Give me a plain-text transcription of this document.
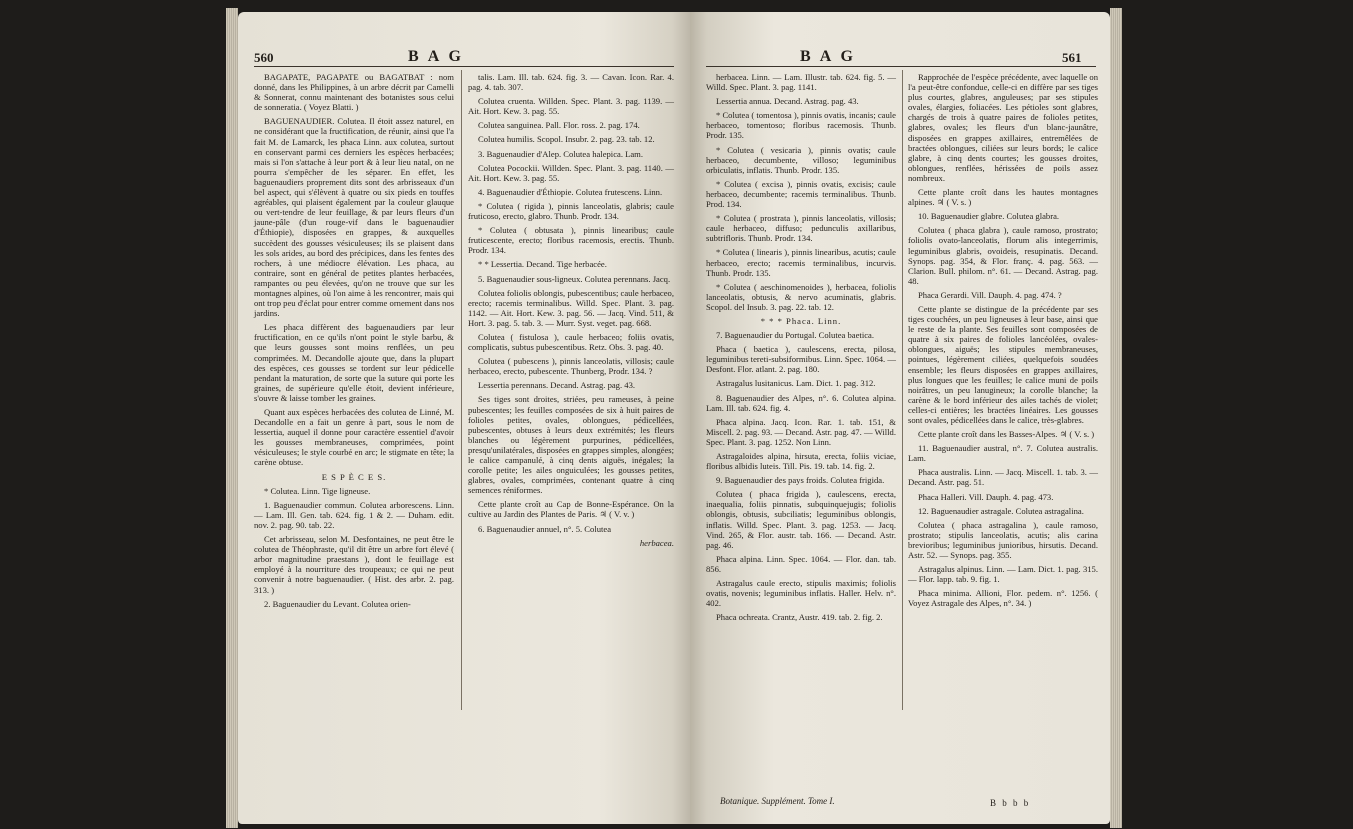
560	B A G

BAGAPATE, PAGAPATE ou BAGATBAT : nom donné, dans les Philippines, à un arbre décrit par Camelli & Sonnerat, connu maintenant des botanistes sous celui de sonneratia. ( Voyez Blatti. )

BAGUENAUDIER. Colutea. Il étoit assez naturel, en ne considérant que la fructification, de réunir, ainsi que l'a fait M. de Lamarck, les phaca Linn. aux colutea, surtout en conservant parmi ces derniers les espèces herbacées; mais si l'on s'attache à leur port & à leur lieu natal, on ne pourra s'empêcher de les séparer. En effet, les baguenaudiers proprement dits sont des arbrisseaux d'un bel aspect, qui s'élèvent à quatre ou six pieds en touffes agréables, qui plaisent également par la couleur glauque ou vert-tendre de leur feuillage, & par leurs fleurs d'un jaune-pâle (d'un rouge-vif dans le baguenaudier d'Éthiopie), disposées en grappes, & auxquelles succèdent des gousses vésiculeuses; ils se plaisent dans les sols arides, au bord des précipices, dans les fentes des rochers, à une médiocre élévation. Les phaca, au contraire, sont en général de petites plantes herbacées, rampantes ou peu élevées, qu'on ne trouve que sur les montagnes alpines, où l'on aime à les rencontrer, mais qui ont trop peu d'éclat pour entrer comme ornement dans nos jardins.

Les phaca diffèrent des baguenaudiers par leur fructification, en ce qu'ils n'ont point le style barbu, & que leurs gousses sont moins renflées, un peu comprimées. M. Decandolle ajoute que, dans la plupart des espèces, ces gousses se tordent sur leur pédicelle pendant la maturation, de sorte que la suture qui porte les graines, de supérieure qu'elle étoit, devient inférieure, s'ouvre & laisse tomber les graines.

Quant aux espèces herbacées des colutea de Linné, M. Decandolle en a fait un genre à part, sous le nom de lessertia, auquel il donne pour caractère essentiel d'avoir les gousses membraneuses, comprimées, point vésiculeuses; le style courbé en arc; le stigmate en tête; la carène obtuse.

E S P È C E S.

* Colutea. Linn. Tige ligneuse.

1. Baguenaudier commun. Colutea arborescens. Linn. — Lam. Ill. Gen. tab. 624. fig. 1 & 2. — Duham. edit. nov. 2. pag. 90. tab. 22.

Cet arbrisseau, selon M. Desfontaines, ne peut être le colutea de Théophraste, qu'il dit être un arbre fort élevé ( arbor magnitudine praestans ), dont le feuillage est employé à la nourriture des troupeaux; ce qui ne peut convenir à notre baguenaudier. ( Hist. des arbr. 2. pag. 313. )

2. Baguenaudier du Levant. Colutea orien-

talis. Lam. Ill. tab. 624. fig. 3. — Cavan. Icon. Rar. 4. pag. 4. tab. 307.

Colutea cruenta. Willden. Spec. Plant. 3. pag. 1139. — Ait. Hort. Kew. 3. pag. 55.

Colutea sanguinea. Pall. Flor. ross. 2. pag. 174.

Colutea humilis. Scopol. Insubr. 2. pag. 23. tab. 12.

3. Baguenaudier d'Alep. Colutea halepica. Lam.

Colutea Pocockii. Willden. Spec. Plant. 3. pag. 1140. — Ait. Hort. Kew. 3. pag. 55.

4. Baguenaudier d'Éthiopie. Colutea frutescens. Linn.

* Colutea ( rigida ), pinnis lanceolatis, glabris; caule fruticoso, erecto, glabro. Thunb. Prodr. 134.

* Colutea ( obtusata ), pinnis linearibus; caule fruticescente, erecto; floribus racemosis, erectis. Thunb. Prodr. 134.

* * Lessertia. Decand. Tige herbacée.

5. Baguenaudier sous-ligneux. Colutea perennans. Jacq.

Colutea foliolis oblongis, pubescentibus; caule herbaceo, erecto; racemis terminalibus. Willd. Spec. Plant. 3. pag. 1142. — Ait. Hort. Kew. 3. pag. 56. — Jacq. Vind. 511, & Hort. 3. pag. 5. tab. 3. — Murr. Syst. veget. pag. 668.

Colutea ( fistulosa ), caule herbaceo; foliis ovatis, complicatis, subtus pubescentibus. Retz. Obs. 3. pag. 40.

Colutea ( pubescens ), pinnis lanceolatis, villosis; caule herbaceo, erecto, pubescente. Thunberg, Prodr. 134. ?

Lessertia perennans. Decand. Astrag. pag. 43.

Ses tiges sont droites, striées, peu rameuses, à peine pubescentes; les feuilles composées de six à huit paires de folioles petites, ovales, oblongues, pédicellées, pubescentes, obtuses à leurs deux extrémités; les fleurs blanches ou légèrement purpurines, pédicellées, presqu'unilatérales, disposées en grappes simples, alongées; le calice campanulé, à cinq dents aiguës, inégales; la corolle petite; les ailes onguiculées; les gousses petites, glabres, ovales, comprimées, contenant quatre à cinq semences réniformes.

Cette plante croît au Cap de Bonne-Espérance. On la cultive au Jardin des Plantes de Paris. ♃ ( V. v. )

6. Baguenaudier annuel, n°. 5. Colutea

herbacea.
B A G	561

herbacea. Linn. — Lam. Illustr. tab. 624. fig. 5. — Willd. Spec. Plant. 3. pag. 1141.

Lessertia annua. Decand. Astrag. pag. 43.

* Colutea ( tomentosa ), pinnis ovatis, incanis; caule herbaceo, tomentoso; floribus racemosis. Thunb. Prodr. 135.

* Colutea ( vesicaria ), pinnis ovatis; caule herbaceo, decumbente, villoso; leguminibus orbiculatis, inflatis. Thunb. Prodr. 135.

* Colutea ( excisa ), pinnis ovatis, excisis; caule herbaceo, decumbente; racemis terminalibus. Thunb. Prod. 134.

* Colutea ( prostrata ), pinnis lanceolatis, villosis; caule herbaceo, diffuso; pedunculis axillaribus, subtrifloris. Thunb. Prodr. 134.

* Colutea ( linearis ), pinnis linearibus, acutis; caule herbaceo, erecto; racemis terminalibus, incurvis. Thunb. Prodr. 135.

* Colutea ( aeschinomenoides ), herbacea, foliolis lanceolatis, obtusis, & nervo acuminatis, glabris. Scopol. del Insub. 3. pag. 22. tab. 12.

* * * Phaca. Linn.

7. Baguenaudier du Portugal. Colutea baetica.

Phaca ( baetica ), caulescens, erecta, pilosa, leguminibus tereti-subsiformibus. Linn. Spec. 1064. — Desfont. Flor. atlant. 2. pag. 180.

Astragalus lusitanicus. Lam. Dict. 1. pag. 312.

8. Baguenaudier des Alpes, n°. 6. Colutea alpina. Lam. Ill. tab. 624. fig. 4.

Phaca alpina. Jacq. Icon. Rar. 1. tab. 151, & Miscell. 2. pag. 93. — Decand. Astr. pag. 47. — Willd. Spec. Plant. 3. pag. 1252. Non Linn.

Astragaloides alpina, hirsuta, erecta, foliis viciae, floribus albidis luteis. Till. Pis. 19. tab. 14. fig. 2.

9. Baguenaudier des pays froids. Colutea frigida.

Colutea ( phaca frigida ), caulescens, erecta, inaequalia, foliis pinnatis, subquinquejugis; foliolis oblongis, obtusis, subciliatis; leguminibus oblongis, inflatis. Willd. Spec. Plant. 3. pag. 1253. — Jacq. Vind. 265, & Flor. austr. tab. 166. — Decand. Astr. pag. 46.

Phaca alpina. Linn. Spec. 1064. — Flor. dan. tab. 856.

Astragalus caule erecto, stipulis maximis; foliolis ovatis, novenis; leguminibus inflatis. Haller. Helv. n°. 402.

Phaca ochreata. Crantz, Austr. 419. tab. 2. fig. 2.

Rapprochée de l'espèce précédente, avec laquelle on l'a peut-être confondue, celle-ci en diffère par ses tiges plus courtes, glabres, anguleuses; par ses stipules ovales, élargies, foliacées. Les pétioles sont glabres, chargés de trois à quatre paires de folioles petites, glabres, ovales; les fleurs d'un blanc-jaunâtre, disposées en grappes axillaires, entremêlées de bractées oblongues, ciliées sur leurs bords; le calice glabre, à cinq dents courtes; les gousses droites, oblongues, renflées, hérissées de poils assez nombreux.

Cette plante croît dans les hautes montagnes alpines. ♃ ( V. s. )

10. Baguenaudier glabre. Colutea glabra.

Colutea ( phaca glabra ), caule ramoso, prostrato; foliolis ovato-lanceolatis, florum alis integerrimis, leguminibus glabris, ovoideis, resupinatis. Decand. Synops. pag. 354, & Flor. franç. 4. pag. 563. — Clarion. Bull. philom. n°. 61. — Decand. Astrag. pag. 48.

Phaca Gerardi. Vill. Dauph. 4. pag. 474. ?

Cette plante se distingue de la précédente par ses tiges couchées, un peu ligneuses à leur base, ainsi que le reste de la plante. Ses feuilles sont composées de quatre à six paires de folioles lancéolées, ovales-oblongues, aiguës; les stipules membraneuses, pointues, légèrement ciliées, quelquefois soudées ensemble; les fleurs disposées en grappes axillaires, plus longues que les feuilles; le calice muni de poils noirâtres, un peu lanugineux; la corolle blanche; la carène & le bord inférieur des ailes tachés de violet; celles-ci entières; les bractées linéaires. Les gousses sont ovales, pédicellées dans le calice, très-glabres.

Cette plante croît dans les Basses-Alpes. ♃ ( V. s. )

11. Baguenaudier austral, n°. 7. Colutea australis. Lam.

Phaca australis. Linn. — Jacq. Miscell. 1. tab. 3. — Decand. Astr. pag. 51.

Phaca Halleri. Vill. Dauph. 4. pag. 473.

12. Baguenaudier astragale. Colutea astragalina.

Colutea ( phaca astragalina ), caule ramoso, prostrato; stipulis lanceolatis, acutis; alis carina brevioribus; leguminibus junioribus, hirsutis. Decand. Astr. 52. — Synops. pag. 355.

Astragalus alpinus. Linn. — Lam. Dict. 1. pag. 315. — Flor. lapp. tab. 9. fig. 1.

Phaca minima. Allioni, Flor. pedem. n°. 1256. ( Voyez Astragale des Alpes, n°. 34. )

Botanique. Supplément. Tome I.	B b b b
